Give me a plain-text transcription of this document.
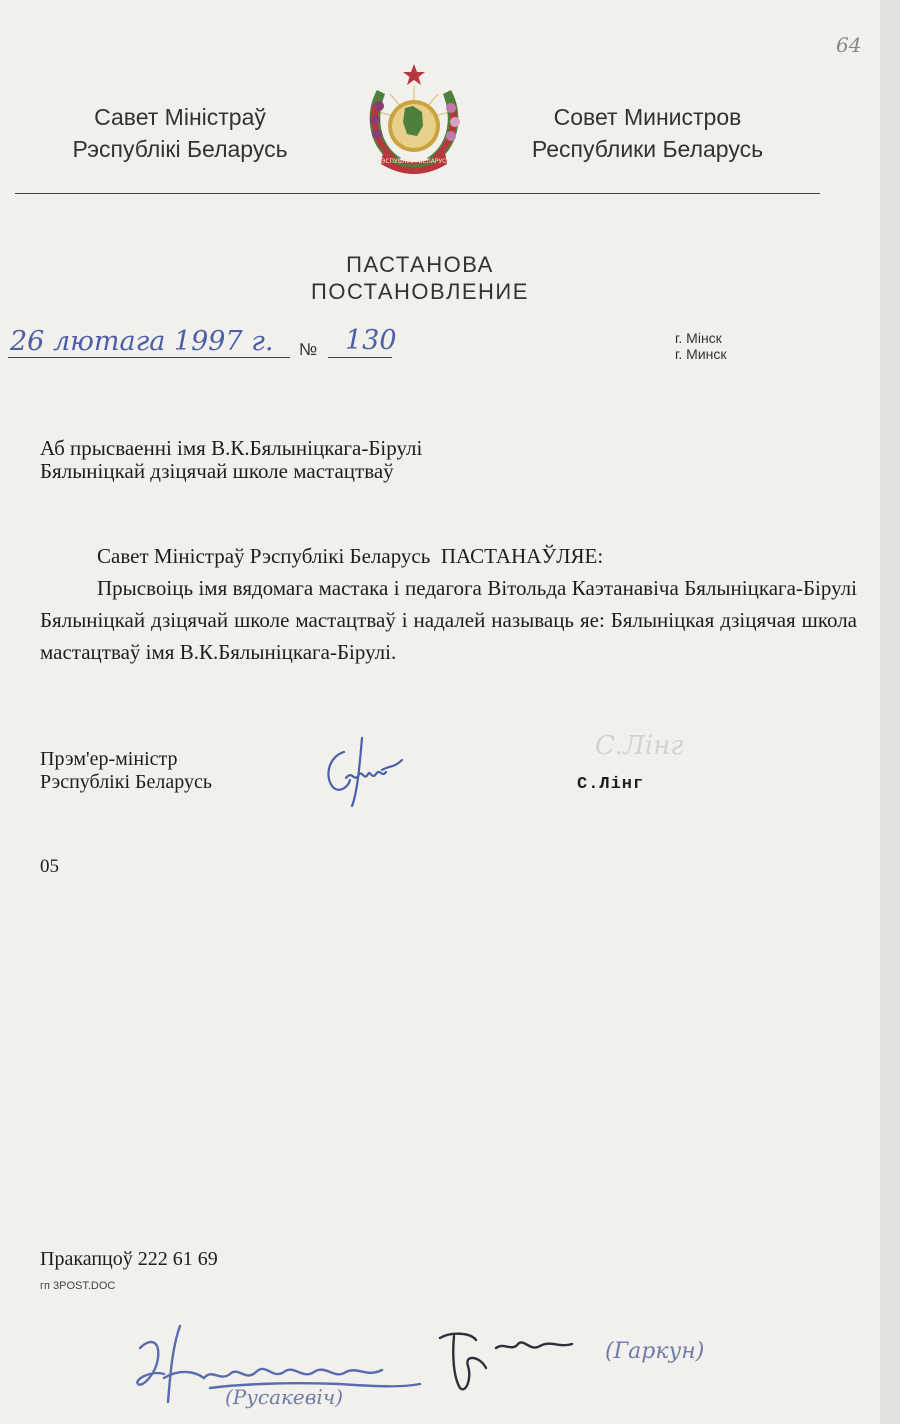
64
Савет Міністраў
Рэспублікі Беларусь	РЭСПУБЛІКА БЕЛАРУСЬ
Совет Министров
Республики Беларусь
ПАСТАНОВА
ПОСТАНОВЛЕНИЕ
26 лютага 1997 г. № 130	г. Мінск
г. Минск
Аб прысваенні імя В.К.Бялыніцкага-Бірулі
Бялыніцкай дзіцячай школе мастацтваў

Савет Міністраў Рэспублікі Беларусь  ПАСТАНАЎЛЯЕ:

Прысвоіць імя вядомага мастака і педагога Вітольда Каэтанавіча Бялыніцкага-Бірулі Бялыніцкай дзіцячай школе мастацтваў і надалей называць яе: Бялыніцкая дзіцячая школа мастацтваў імя В.К.Бялыніцкага-Бірулі.

Прэм'ер-міністр
Рэспублікі Беларусь
С.Лінг
С.Лінг
05
Пракапцоў 222 61 69
гп 3POST.DOC
(Гаркун)
(Русакевіч)
